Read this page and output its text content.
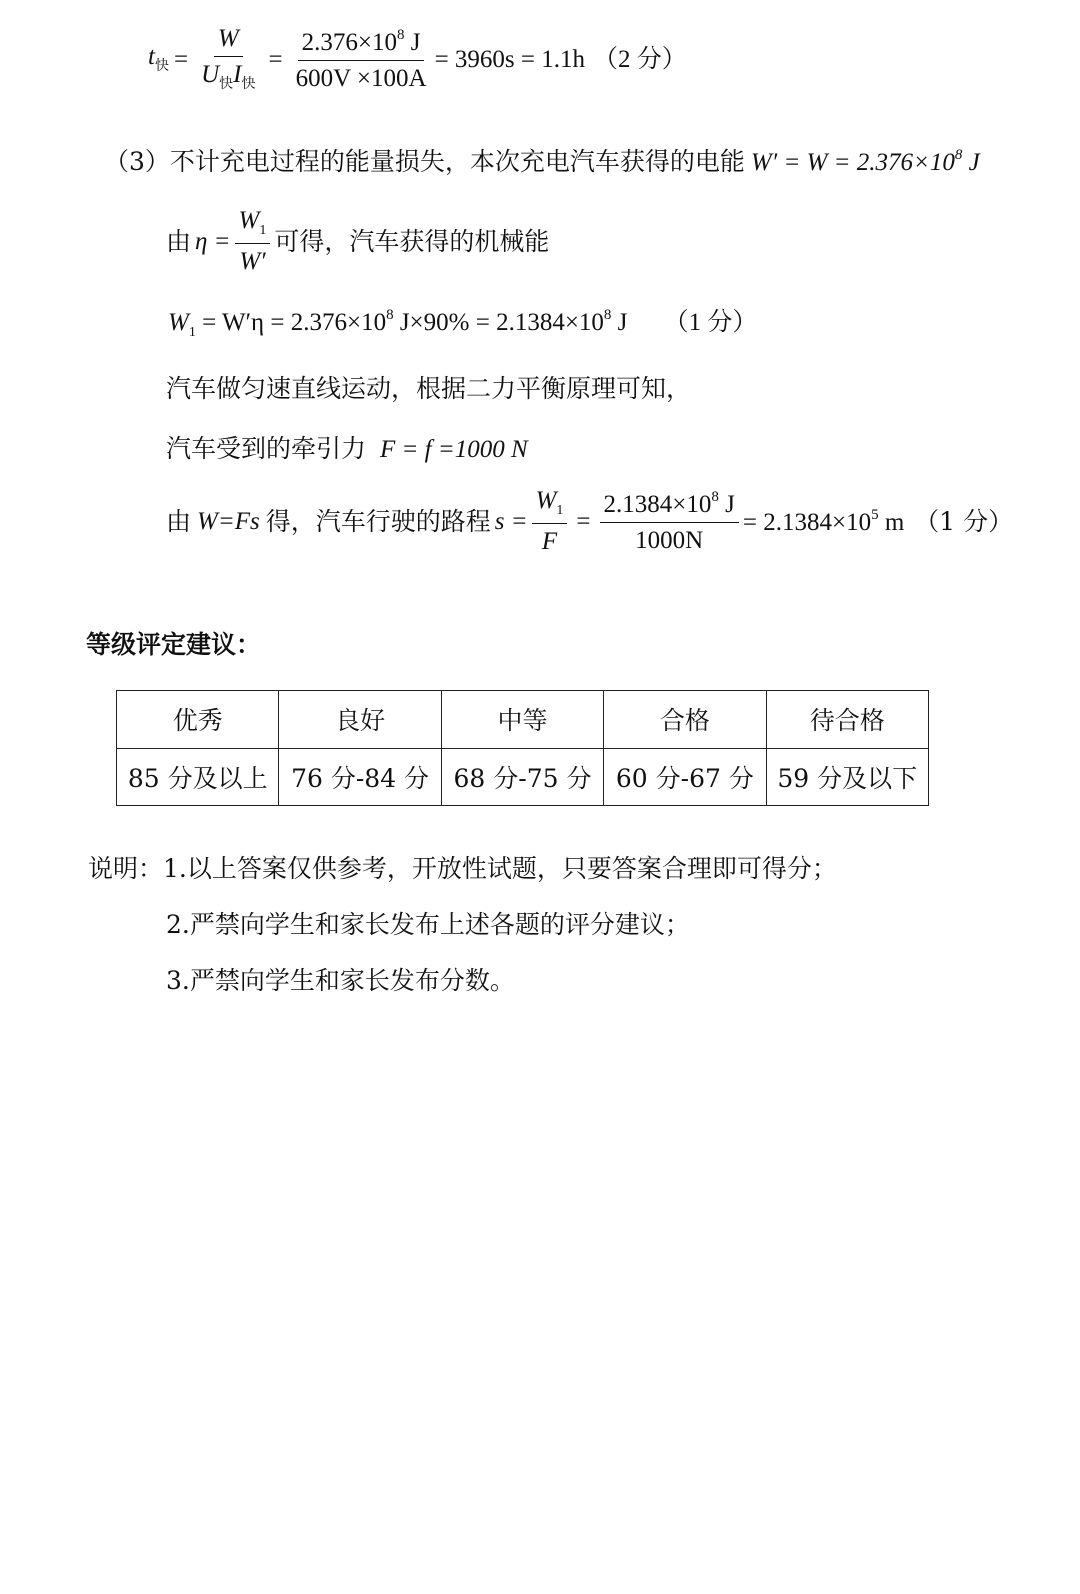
$t_快 = \frac{W}{U_快I_快} = \frac{2.376\times 10^8 J}{600V \times 100A} = 3960s = 1.1h$ （2 分）
（3）不计充电过程的能量损失，本次充电汽车获得的电能 $W' = W = 2.376\times 10^8$ J
由 $\eta = \frac{W_1}{W'}$ 可得，汽车获得的机械能
$W_1 = W'\eta = 2.376\times 10^8$ $J\times 90\% = 2.1384\times 10^8$ J （1 分）
汽车做匀速直线运动，根据二力平衡原理可知，
汽车受到的牵引力 F = f =1000 N
由 W=Fs 得，汽车行驶的路程 $s = \frac{W_1}{F} = \frac{2.1384\times 10^8 J}{1000N} = 2.1384\times 10^5$ m （1 分）
等级评定建议：
优秀	良好	中等	合格	待合格
85 分及以上	76 分-84 分	68 分-75 分	60 分-67 分	59 分及以下
说明：1.以上答案仅供参考，开放性试题，只要答案合理即可得分；
2.严禁向学生和家长发布上述各题的评分建议；
3.严禁向学生和家长发布分数。
